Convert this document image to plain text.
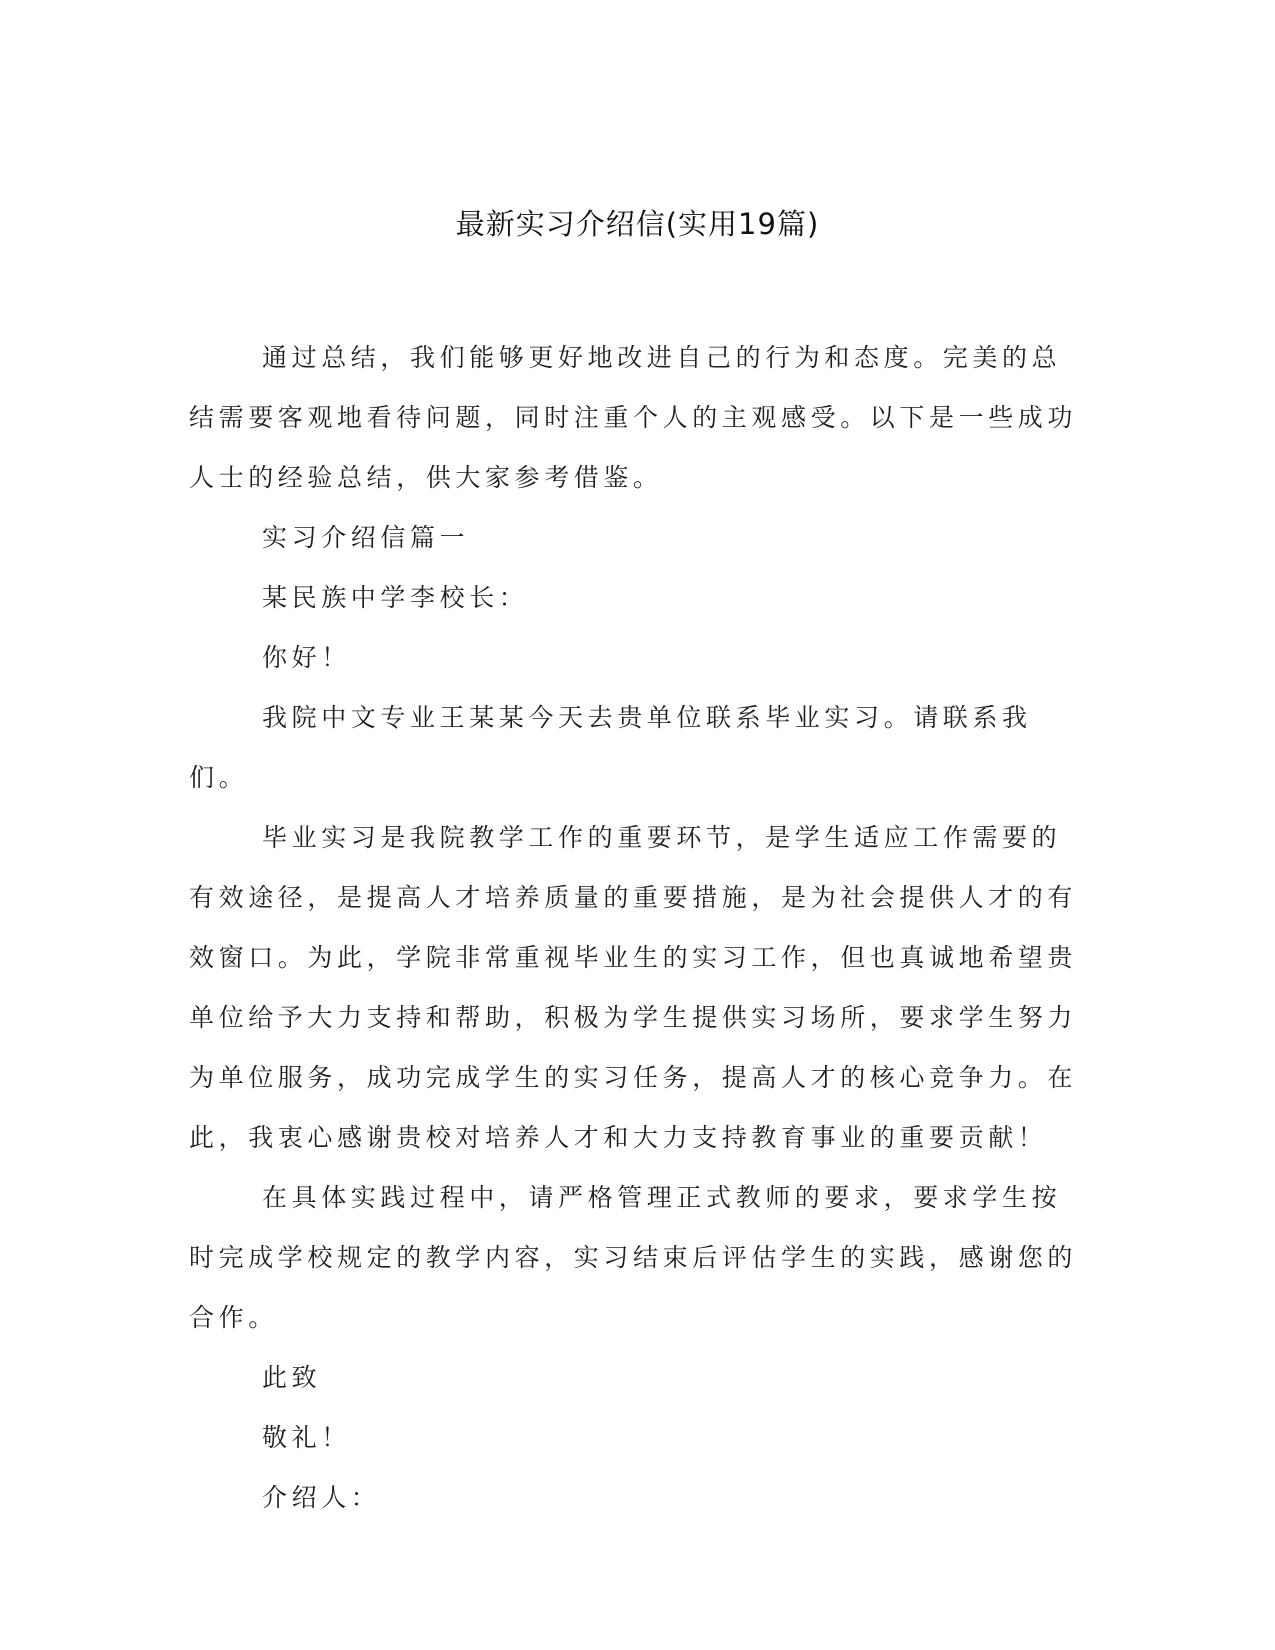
最新实习介绍信(实用19篇)

通过总结，我们能够更好地改进自己的行为和态度。完美的总结需要客观地看待问题，同时注重个人的主观感受。以下是一些成功人士的经验总结，供大家参考借鉴。

实习介绍信篇一

某民族中学李校长：

你好！

我院中文专业王某某今天去贵单位联系毕业实习。请联系我们。

毕业实习是我院教学工作的重要环节，是学生适应工作需要的有效途径，是提高人才培养质量的重要措施，是为社会提供人才的有效窗口。为此，学院非常重视毕业生的实习工作，但也真诚地希望贵单位给予大力支持和帮助，积极为学生提供实习场所，要求学生努力为单位服务，成功完成学生的实习任务，提高人才的核心竞争力。在此，我衷心感谢贵校对培养人才和大力支持教育事业的重要贡献！

在具体实践过程中，请严格管理正式教师的要求，要求学生按时完成学校规定的教学内容，实习结束后评估学生的实践，感谢您的合作。

此致

敬礼！

介绍人：
